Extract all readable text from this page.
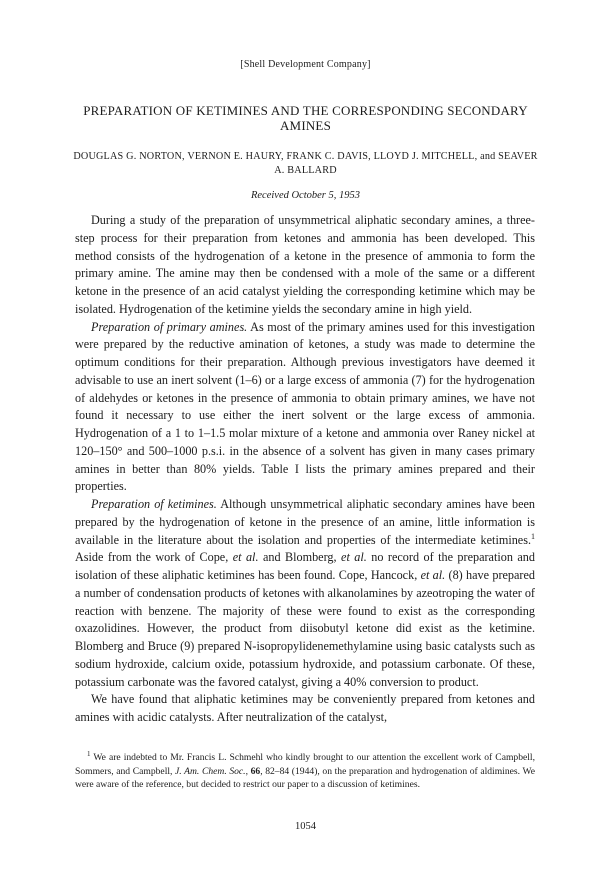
[Shell Development Company]
PREPARATION OF KETIMINES AND THE CORRESPONDING SECONDARY AMINES
DOUGLAS G. NORTON, VERNON E. HAURY, FRANK C. DAVIS, LLOYD J. MITCHELL, and SEAVER A. BALLARD
Received October 5, 1953

During a study of the preparation of unsymmetrical aliphatic secondary amines, a three-step process for their preparation from ketones and ammonia has been developed. This method consists of the hydrogenation of a ketone in the presence of ammonia to form the primary amine. The amine may then be condensed with a mole of the same or a different ketone in the presence of an acid catalyst yielding the corresponding ketimine which may be isolated. Hydrogenation of the ketimine yields the secondary amine in high yield.

Preparation of primary amines. As most of the primary amines used for this investigation were prepared by the reductive amination of ketones, a study was made to determine the optimum conditions for their preparation. Although previous investigators have deemed it advisable to use an inert solvent (1–6) or a large excess of ammonia (7) for the hydrogenation of aldehydes or ketones in the presence of ammonia to obtain primary amines, we have not found it necessary to use either the inert solvent or the large excess of ammonia. Hydrogenation of a 1 to 1–1.5 molar mixture of a ketone and ammonia over Raney nickel at 120–150° and 500–1000 p.s.i. in the absence of a solvent has given in many cases primary amines in better than 80% yields. Table I lists the primary amines prepared and their properties.

Preparation of ketimines. Although unsymmetrical aliphatic secondary amines have been prepared by the hydrogenation of ketone in the presence of an amine, little information is available in the literature about the isolation and properties of the intermediate ketimines.$^1$ Aside from the work of Cope, et al. and Blomberg, et al. no record of the preparation and isolation of these aliphatic ketimines has been found. Cope, Hancock, et al. (8) have prepared a number of condensation products of ketones with alkanolamines by azeotroping the water of reaction with benzene. The majority of these were found to exist as the corresponding oxazolidines. However, the product from diisobutyl ketone did exist as the ketimine. Blomberg and Bruce (9) prepared N-isopropylidenemethylamine using basic catalysts such as sodium hydroxide, calcium oxide, potassium hydroxide, and potassium carbonate. Of these, potassium carbonate was the favored catalyst, giving a 40% conversion to product.

We have found that aliphatic ketimines may be conveniently prepared from ketones and amines with acidic catalysts. After neutralization of the catalyst,

$^1$ We are indebted to Mr. Francis L. Schmehl who kindly brought to our attention the excellent work of Campbell, Sommers, and Campbell, J. Am. Chem. Soc., 66, 82–84 (1944), on the preparation and hydrogenation of aldimines. We were aware of the reference, but decided to restrict our paper to a discussion of ketimines.

1054
